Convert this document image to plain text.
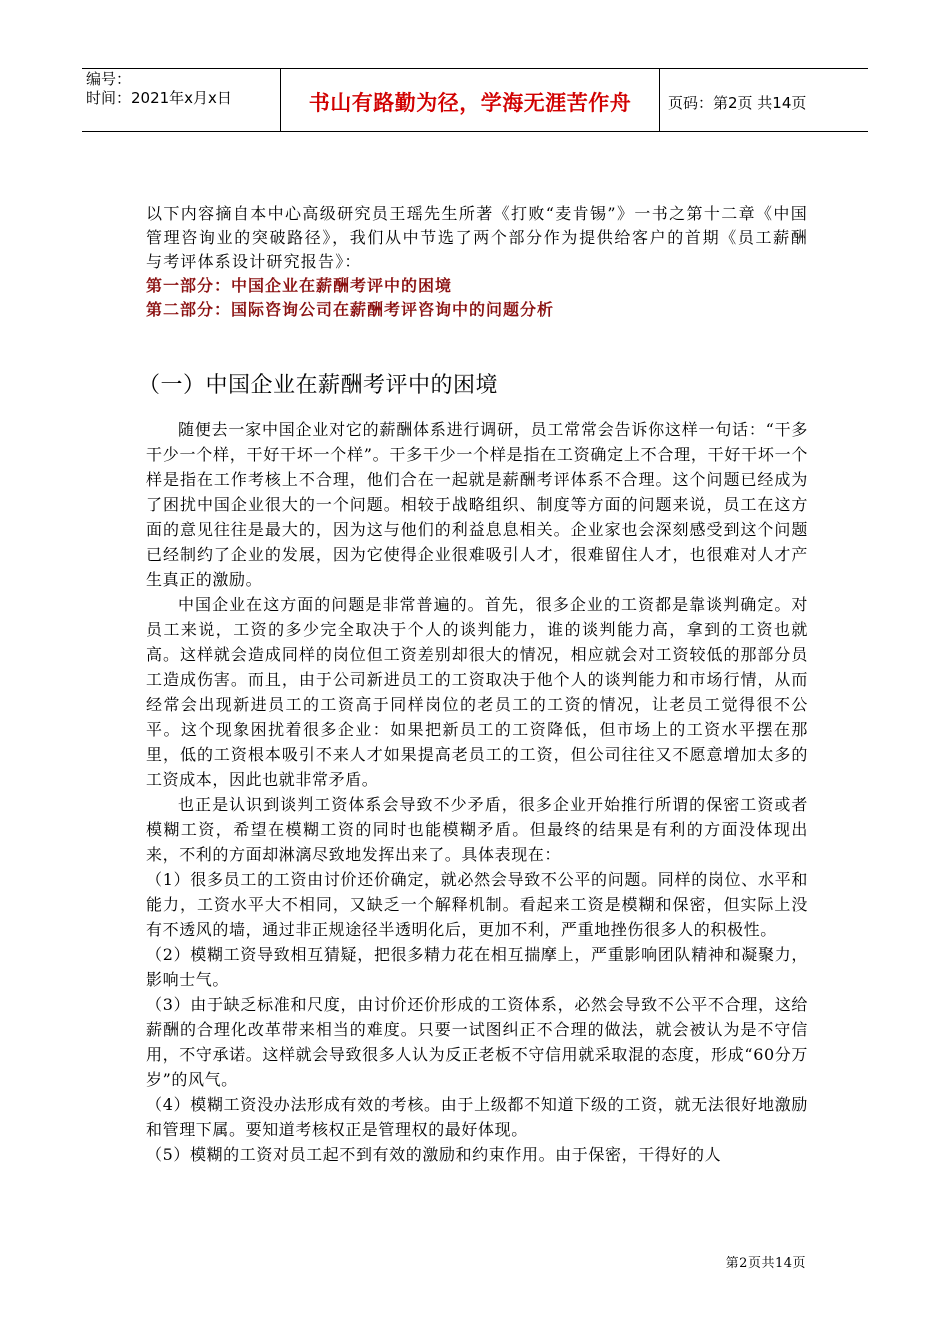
编号：
时间：2021年x月x日	书山有路勤为径，学海无涯苦作舟	页码：第2页 共14页

以下内容摘自本中心高级研究员王瑶先生所著《打败“麦肯锡”》一书之第十二章《中国管理咨询业的突破路径》，我们从中节选了两个部分作为提供给客户的首期《员工薪酬与考评体系设计研究报告》：

第一部分：中国企业在薪酬考评中的困境

第二部分：国际咨询公司在薪酬考评咨询中的问题分析

（一）中国企业在薪酬考评中的困境

随便去一家中国企业对它的薪酬体系进行调研，员工常常会告诉你这样一句话：“干多干少一个样，干好干坏一个样”。干多干少一个样是指在工资确定上不合理，干好干坏一个样是指在工作考核上不合理，他们合在一起就是薪酬考评体系不合理。这个问题已经成为了困扰中国企业很大的一个问题。相较于战略组织、制度等方面的问题来说，员工在这方面的意见往往是最大的，因为这与他们的利益息息相关。企业家也会深刻感受到这个问题已经制约了企业的发展，因为它使得企业很难吸引人才，很难留住人才，也很难对人才产生真正的激励。

中国企业在这方面的问题是非常普遍的。首先，很多企业的工资都是靠谈判确定。对员工来说，工资的多少完全取决于个人的谈判能力，谁的谈判能力高，拿到的工资也就高。这样就会造成同样的岗位但工资差别却很大的情况，相应就会对工资较低的那部分员工造成伤害。而且，由于公司新进员工的工资取决于他个人的谈判能力和市场行情，从而经常会出现新进员工的工资高于同样岗位的老员工的工资的情况，让老员工觉得很不公平。这个现象困扰着很多企业：如果把新员工的工资降低，但市场上的工资水平摆在那里，低的工资根本吸引不来人才如果提高老员工的工资，但公司往往又不愿意增加太多的工资成本，因此也就非常矛盾。

也正是认识到谈判工资体系会导致不少矛盾，很多企业开始推行所谓的保密工资或者模糊工资，希望在模糊工资的同时也能模糊矛盾。但最终的结果是有利的方面没体现出来，不利的方面却淋漓尽致地发挥出来了。具体表现在：

（1）很多员工的工资由讨价还价确定，就必然会导致不公平的问题。同样的岗位、水平和能力，工资水平大不相同，又缺乏一个解释机制。看起来工资是模糊和保密，但实际上没有不透风的墙，通过非正规途径半透明化后，更加不利，严重地挫伤很多人的积极性。

（2）模糊工资导致相互猜疑，把很多精力花在相互揣摩上，严重影响团队精神和凝聚力，影响士气。

（3）由于缺乏标准和尺度，由讨价还价形成的工资体系，必然会导致不公平不合理，这给薪酬的合理化改革带来相当的难度。只要一试图纠正不合理的做法，就会被认为是不守信用，不守承诺。这样就会导致很多人认为反正老板不守信用就采取混的态度，形成“60分万岁”的风气。

（4）模糊工资没办法形成有效的考核。由于上级都不知道下级的工资，就无法很好地激励和管理下属。要知道考核权正是管理权的最好体现。

（5）模糊的工资对员工起不到有效的激励和约束作用。由于保密，干得好的人

第2页共14页
